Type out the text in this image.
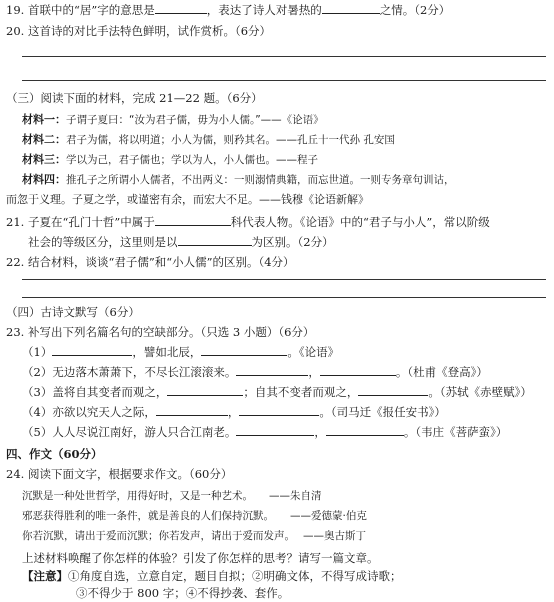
19. 首联中的“居”字的意思是	，表达了诗人对暑热的	之情。（2分）
20. 这首诗的对比手法特色鲜明，试作赏析。（6分）
（三）阅读下面的材料，完成 21—22 题。（6分）
材料一：子谓子夏曰：“汝为君子儒，毋为小人儒。”——《论语》
材料二：君子为儒，将以明道；小人为儒，则矜其名。——孔丘十一代孙 孔安国
材料三：学以为己，君子儒也；学以为人，小人儒也。——程子
材料四：推孔子之所谓小人儒者，不出两义：一则溺情典籍，而忘世道。一则专务章句训诂，
而忽于义理。子夏之学，或谨密有余，而宏大不足。——钱穆《论语新解》
21. 子夏在“孔门十哲”中属于	科代表人物。《论语》中的“君子与小人”，常以阶级
社会的等级区分，这里则是以	为区别。（2分）
22. 结合材料，谈谈“君子儒”和“小人儒”的区别。（4分）
（四）古诗文默写（6分）
23. 补写出下列名篇名句的空缺部分。（只选 3 小题）（6分）
（1）	，譬如北辰，	。《论语》
（2）无边落木萧萧下，不尽长江滚滚来。	，	。（杜甫《登高》）
（3）盖将自其变者而观之，	；自其不变者而观之，	。（苏轼《赤壁赋》）
（4）亦欲以究天人之际，	，	。（司马迁《报任安书》）
（5）人人尽说江南好，游人只合江南老。	，	。（韦庄《菩萨蛮》）
四、作文（60分）
24. 阅读下面文字，根据要求作文。（60分）
沉默是一种处世哲学，用得好时，又是一种艺术。 ——朱自清
邪恶获得胜利的唯一条件，就是善良的人们保持沉默。 ——爱德蒙·伯克
你若沉默，请出于爱而沉默；你若发声，请出于爱而发声。 ——奥古斯丁
上述材料唤醒了你怎样的体验？引发了你怎样的思考？请写一篇文章。
【注意】①角度自选，立意自定，题目自拟；②明确文体，不得写成诗歌；
③不得少于 800 字；④不得抄袭、套作。
